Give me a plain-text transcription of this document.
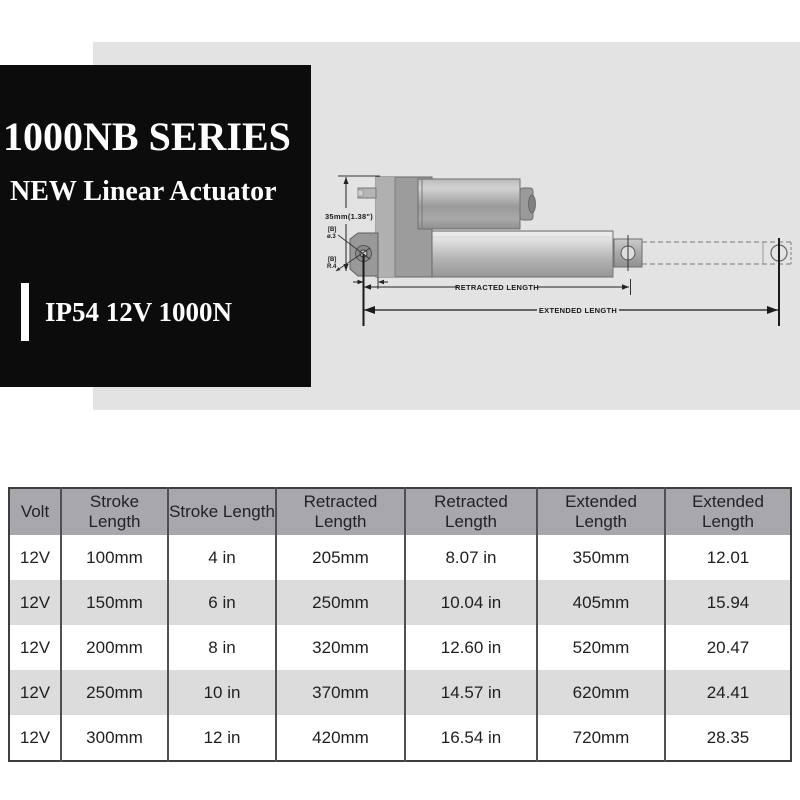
1000NB SERIES
NEW Linear Actuator
IP54 12V 1000N
35mm(1.38")
[B]
ø.3
[B]
R.4
RETRACTED LENGTH
EXTENDED LENGTH
Volt	Stroke Length	Stroke Length	Retracted Length	Retracted Length	Extended Length	Extended Length
12V	100mm	4 in	205mm	8.07 in	350mm	12.01
12V	150mm	6 in	250mm	10.04 in	405mm	15.94
12V	200mm	8 in	320mm	12.60 in	520mm	20.47
12V	250mm	10 in	370mm	14.57 in	620mm	24.41
12V	300mm	12 in	420mm	16.54 in	720mm	28.35
